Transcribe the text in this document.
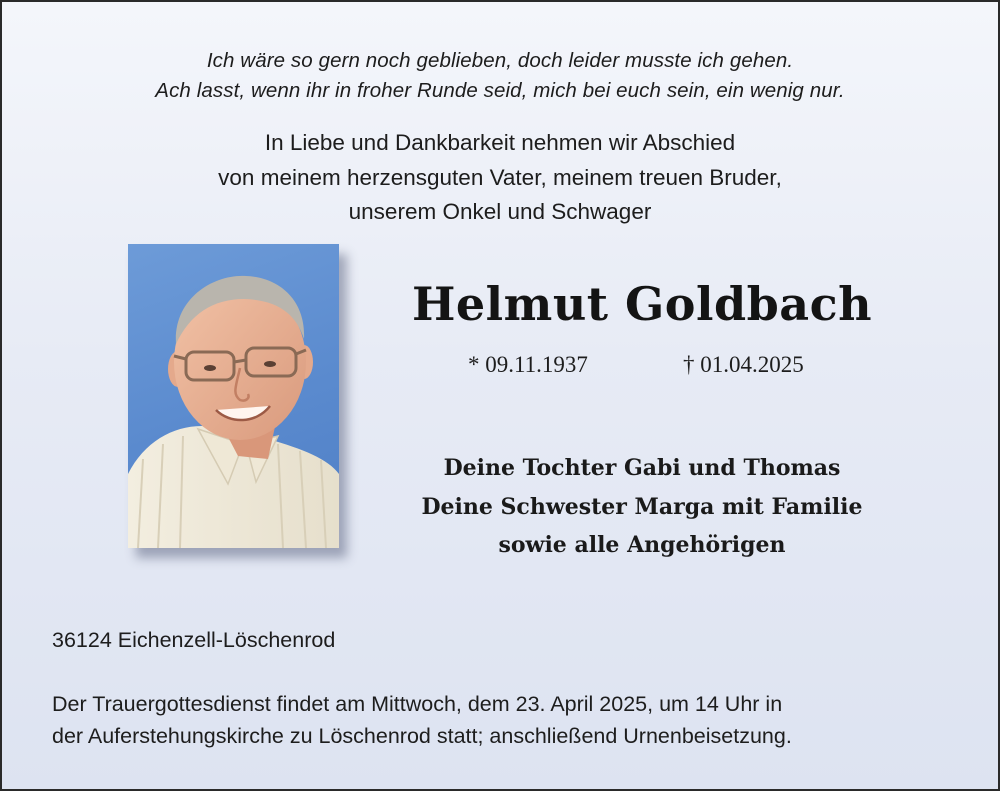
Ich wäre so gern noch geblieben, doch leider musste ich gehen.
Ach lasst, wenn ihr in froher Runde seid, mich bei euch sein, ein wenig nur.
In Liebe und Dankbarkeit nehmen wir Abschied
von meinem herzensguten Vater, meinem treuen Bruder,
unserem Onkel und Schwager
Helmut Goldbach
* 09.11.1937	† 01.04.2025
Deine Tochter Gabi und Thomas
Deine Schwester Marga mit Familie
sowie alle Angehörigen
36124 Eichenzell-Löschenrod
Der Trauergottesdienst findet am Mittwoch, dem 23. April 2025, um 14 Uhr in
der Auferstehungskirche zu Löschenrod statt; anschließend Urnenbeisetzung.
